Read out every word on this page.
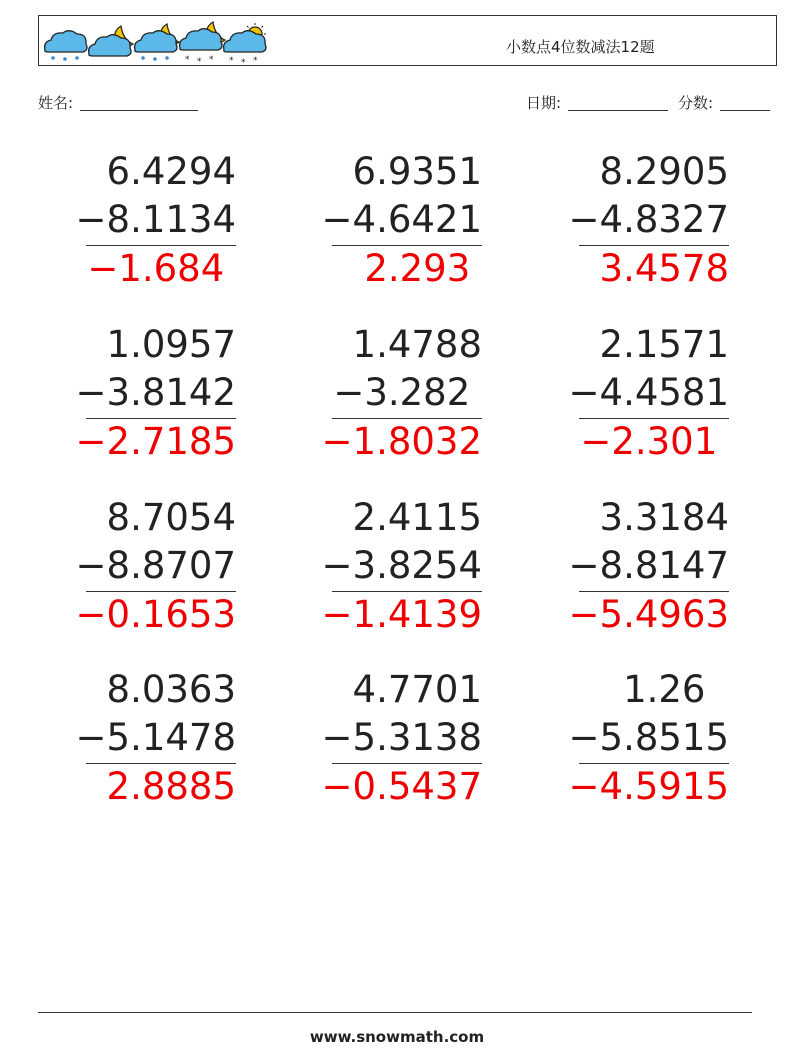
* * * * * *
小数点4位数减法12题
姓名:	日期:	分数:
6.4294
−8.1134
−1.684
6.9351
−4.6421
2.293
8.2905
−4.8327
3.4578
1.0957
−3.8142
−2.7185
1.4788
−3.282
−1.8032
2.1571
−4.4581
−2.301
8.7054
−8.8707
−0.1653
2.4115
−3.8254
−1.4139
3.3184
−8.8147
−5.4963
8.0363
−5.1478
2.8885
4.7701
−5.3138
−0.5437
1.26
−5.8515
−4.5915
www.snowmath.com
